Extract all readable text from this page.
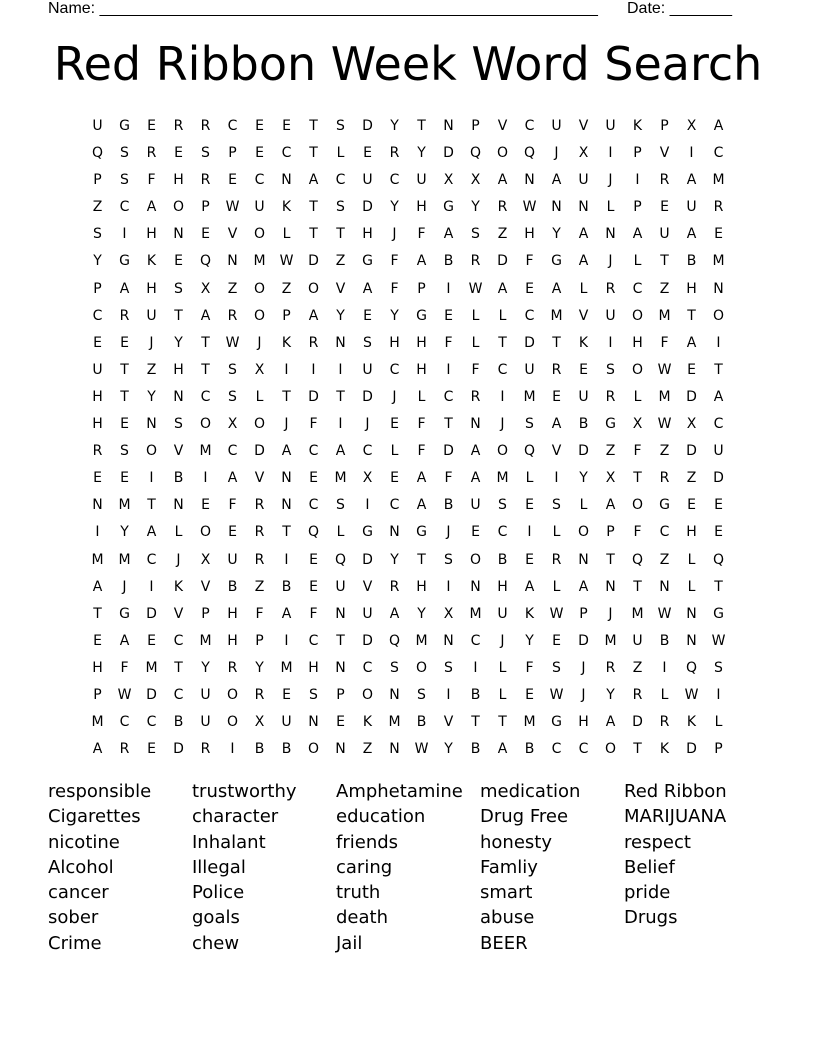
Name: ________________________________________________________ Date: _______
Red Ribbon Week Word Search
U	G	E	R	R	C	E	E	T	S	D	Y	T	N	P	V	C	U	V	U	K	P	X	A
Q	S	R	E	S	P	E	C	T	L	E	R	Y	D	Q	O	Q	J	X	I	P	V	I	C
P	S	F	H	R	E	C	N	A	C	U	C	U	X	X	A	N	A	U	J	I	R	A	M
Z	C	A	O	P	W	U	K	T	S	D	Y	H	G	Y	R	W	N	N	L	P	E	U	R
S	I	H	N	E	V	O	L	T	T	H	J	F	A	S	Z	H	Y	A	N	A	U	A	E
Y	G	K	E	Q	N	M	W	D	Z	G	F	A	B	R	D	F	G	A	J	L	T	B	M
P	A	H	S	X	Z	O	Z	O	V	A	F	P	I	W	A	E	A	L	R	C	Z	H	N
C	R	U	T	A	R	O	P	A	Y	E	Y	G	E	L	L	C	M	V	U	O	M	T	O
E	E	J	Y	T	W	J	K	R	N	S	H	H	F	L	T	D	T	K	I	H	F	A	I
U	T	Z	H	T	S	X	I	I	I	U	C	H	I	F	C	U	R	E	S	O	W	E	T
H	T	Y	N	C	S	L	T	D	T	D	J	L	C	R	I	M	E	U	R	L	M	D	A
H	E	N	S	O	X	O	J	F	I	J	E	F	T	N	J	S	A	B	G	X	W	X	C
R	S	O	V	M	C	D	A	C	A	C	L	F	D	A	O	Q	V	D	Z	F	Z	D	U
E	E	I	B	I	A	V	N	E	M	X	E	A	F	A	M	L	I	Y	X	T	R	Z	D
N	M	T	N	E	F	R	N	C	S	I	C	A	B	U	S	E	S	L	A	O	G	E	E
I	Y	A	L	O	E	R	T	Q	L	G	N	G	J	E	C	I	L	O	P	F	C	H	E
M	M	C	J	X	U	R	I	E	Q	D	Y	T	S	O	B	E	R	N	T	Q	Z	L	Q
A	J	I	K	V	B	Z	B	E	U	V	R	H	I	N	H	A	L	A	N	T	N	L	T
T	G	D	V	P	H	F	A	F	N	U	A	Y	X	M	U	K	W	P	J	M	W	N	G
E	A	E	C	M	H	P	I	C	T	D	Q	M	N	C	J	Y	E	D	M	U	B	N	W
H	F	M	T	Y	R	Y	M	H	N	C	S	O	S	I	L	F	S	J	R	Z	I	Q	S
P	W	D	C	U	O	R	E	S	P	O	N	S	I	B	L	E	W	J	Y	R	L	W	I
M	C	C	B	U	O	X	U	N	E	K	M	B	V	T	T	M	G	H	A	D	R	K	L
A	R	E	D	R	I	B	B	O	N	Z	N	W	Y	B	A	B	C	C	O	T	K	D	P
responsible
Cigarettes
nicotine
Alcohol
cancer
sober
Crime
trustworthy
character
Inhalant
Illegal
Police
goals
chew
Amphetamine
education
friends
caring
truth
death
Jail
medication
Drug Free
honesty
Famliy
smart
abuse
BEER
Red Ribbon
MARIJUANA
respect
Belief
pride
Drugs
